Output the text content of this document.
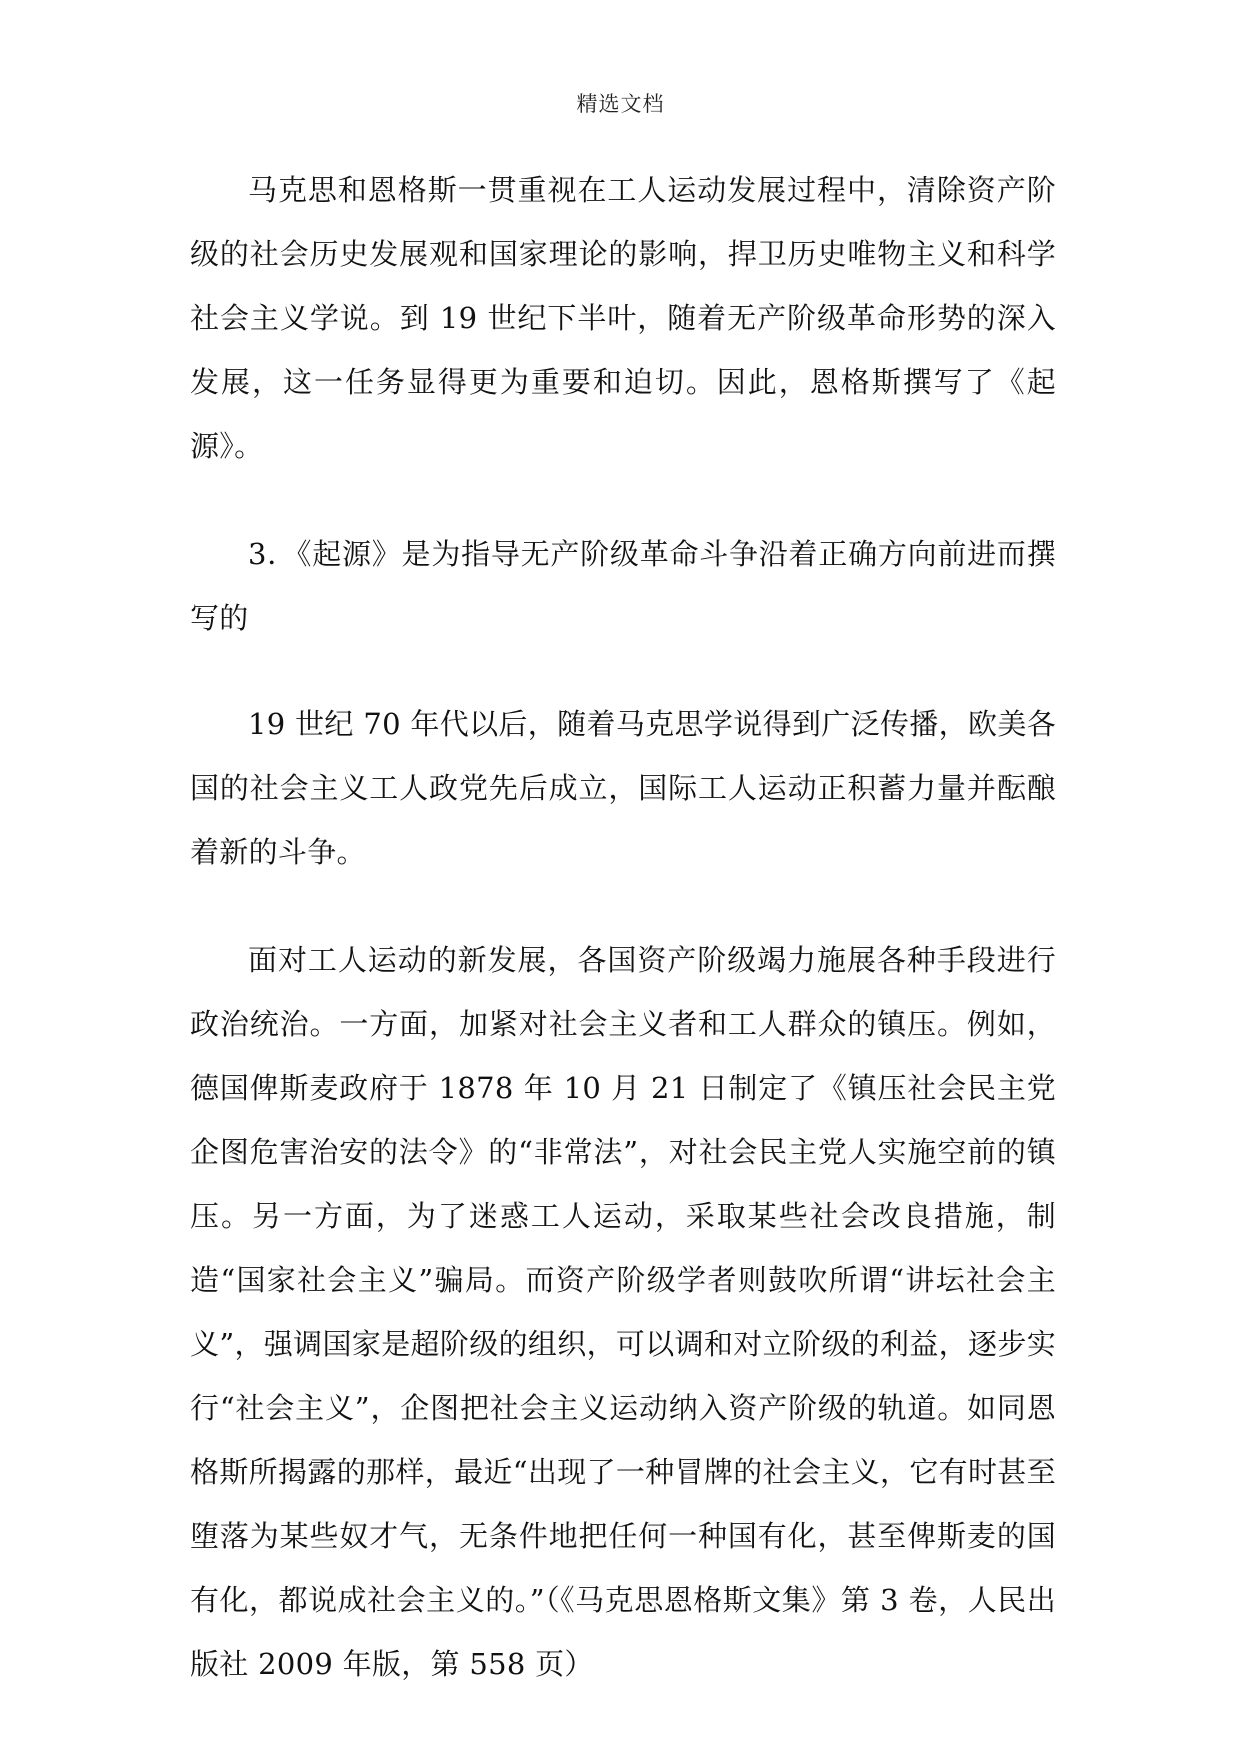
精选文档

马克思和恩格斯一贯重视在工人运动发展过程中，清除资产阶级的社会历史发展观和国家理论的影响，捍卫历史唯物主义和科学社会主义学说。到 19 世纪下半叶，随着无产阶级革命形势的深入发展，这一任务显得更为重要和迫切。因此，恩格斯撰写了《起源》。

3．《起源》是为指导无产阶级革命斗争沿着正确方向前进而撰写的

19 世纪 70 年代以后，随着马克思学说得到广泛传播，欧美各国的社会主义工人政党先后成立，国际工人运动正积蓄力量并酝酿着新的斗争。

面对工人运动的新发展，各国资产阶级竭力施展各种手段进行政治统治。一方面，加紧对社会主义者和工人群众的镇压。例如，德国俾斯麦政府于 1878 年 10 月 21 日制定了《镇压社会民主党企图危害治安的法令》的“非常法”，对社会民主党人实施空前的镇压。另一方面，为了迷惑工人运动，采取某些社会改良措施，制造“国家社会主义”骗局。而资产阶级学者则鼓吹所谓“讲坛社会主义”，强调国家是超阶级的组织，可以调和对立阶级的利益，逐步实行“社会主义”，企图把社会主义运动纳入资产阶级的轨道。如同恩格斯所揭露的那样，最近“出现了一种冒牌的社会主义，它有时甚至堕落为某些奴才气，无条件地把任何一种国有化，甚至俾斯麦的国有化，都说成社会主义的。”（《马克思恩格斯文集》第 3 卷，人民出版社 2009 年版，第 558 页）
